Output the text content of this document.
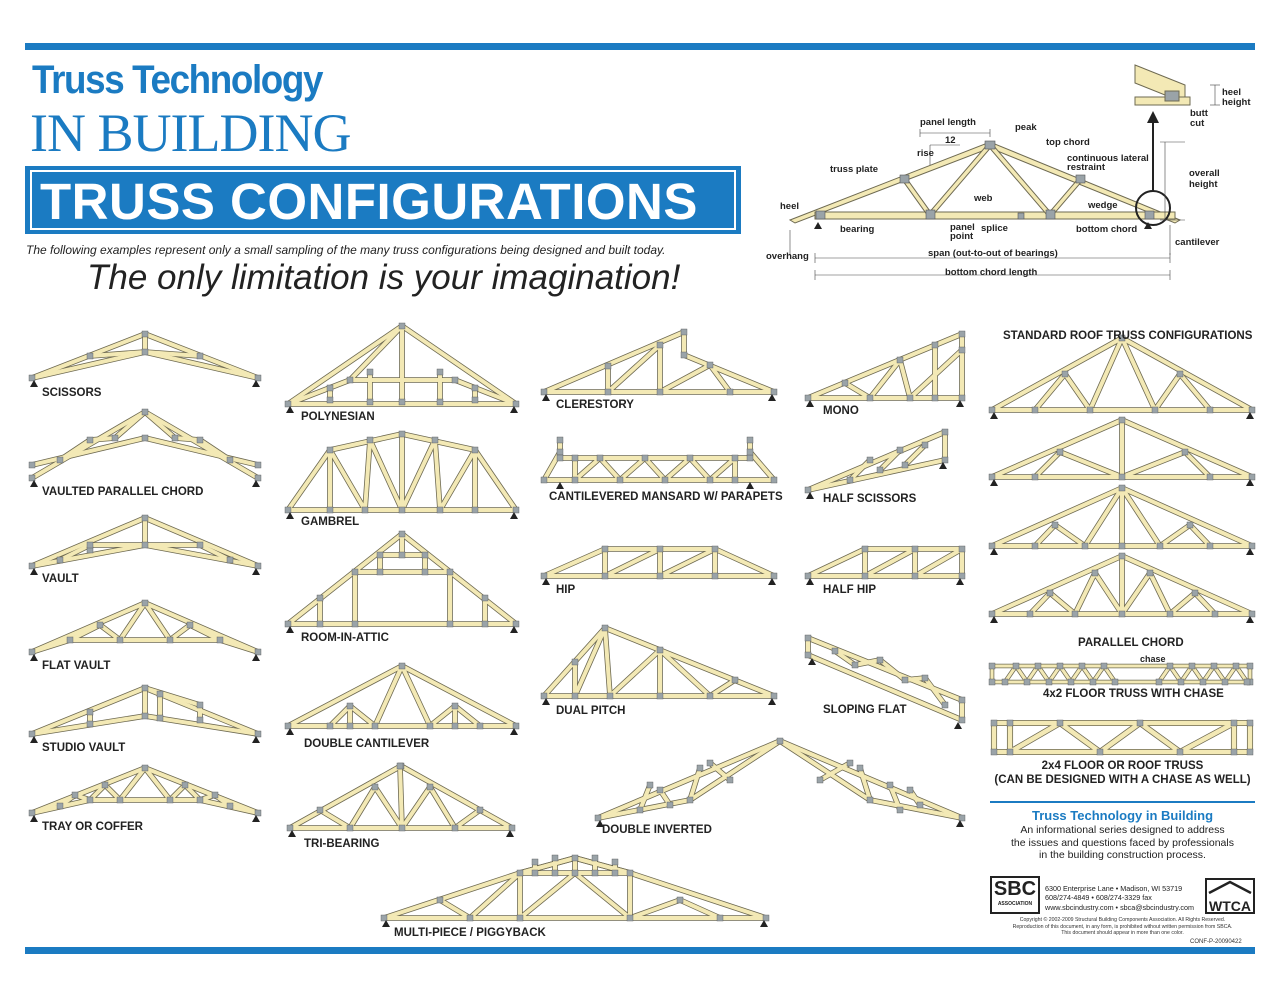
Truss Technology
IN BUILDING
TRUSS CONFIGURATIONS
The following examples represent only a small sampling of the many truss configurations being designed and built today.
The only limitation is your imagination!
panel length	peak
12
rise
top chord
truss plate
continuous lateral
restraint
web
heel
bearing	panel
point
splice	bottom chord
wedge
overall
height
heel
height
butt
cut
cantilever
overhang	span (out-to-out of bearings)
bottom chord length
SCISSORS
VAULTED PARALLEL CHORD
VAULT
FLAT VAULT
STUDIO VAULT
TRAY OR COFFER
POLYNESIAN
GAMBREL
ROOM-IN-ATTIC
DOUBLE CANTILEVER
TRI-BEARING
MULTI-PIECE / PIGGYBACK
CLERESTORY
CANTILEVERED MANSARD W/ PARAPETS
HIP
DUAL PITCH
DOUBLE INVERTED
MONO
HALF SCISSORS
HALF HIP
SLOPING FLAT
STANDARD ROOF TRUSS CONFIGURATIONS
PARALLEL CHORD
chase
4x2 FLOOR TRUSS WITH CHASE
2x4 FLOOR OR ROOF TRUSS
(CAN BE DESIGNED WITH A CHASE AS WELL)
Truss Technology in Building
An informational series designed to address
the issues and questions faced by professionals
in the building construction process.
SBC
ASSOCIATION
6300 Enterprise Lane • Madison, WI 53719
608/274-4849 • 608/274-3329 fax
www.sbcindustry.com • sbca@sbcindustry.com WTCA
Copyright © 2002-2009 Structural Building Components Association. All Rights Reserved.
Reproduction of this document, in any form, is prohibited without written permission from SBCA.
This document should appear in more than one color.
CONF-P-20090422
